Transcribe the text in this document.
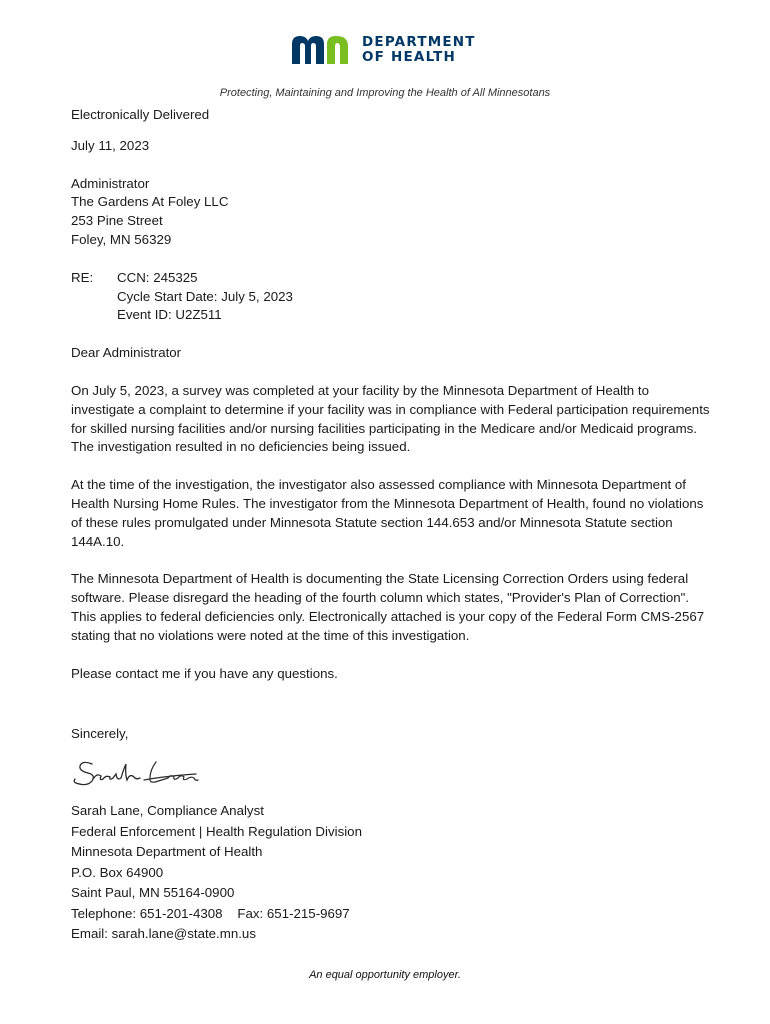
DEPARTMENT
OF HEALTH
Protecting, Maintaining and Improving the Health of All Minnesotans

Electronically Delivered

July 11, 2023

Administrator

The Gardens At Foley LLC

253 Pine Street

Foley, MN 56329

RE:	CCN: 245325

Cycle Start Date: July 5, 2023

Event ID: U2Z511

Dear Administrator

On July 5, 2023, a survey was completed at your facility by the Minnesota Department of Health to investigate a complaint to determine if your facility was in compliance with Federal participation requirements for skilled nursing facilities and/or nursing facilities participating in the Medicare and/or Medicaid programs. The investigation resulted in no deficiencies being issued.

At the time of the investigation, the investigator also assessed compliance with Minnesota Department of Health Nursing Home Rules. The investigator from the Minnesota Department of Health, found no violations of these rules promulgated under Minnesota Statute section 144.653 and/or Minnesota Statute section 144A.10.

The Minnesota Department of Health is documenting the State Licensing Correction Orders using federal software. Please disregard the heading of the fourth column which states, "Provider's Plan of Correction". This applies to federal deficiencies only. Electronically attached is your copy of the Federal Form CMS-2567 stating that no violations were noted at the time of this investigation.

Please contact me if you have any questions.

Sincerely,

Sarah Lane, Compliance Analyst
Federal Enforcement | Health Regulation Division
Minnesota Department of Health
P.O. Box 64900
Saint Paul, MN 55164-0900
Telephone: 651-201-4308    Fax: 651-215-9697
Email: sarah.lane@state.mn.us
An equal opportunity employer.
